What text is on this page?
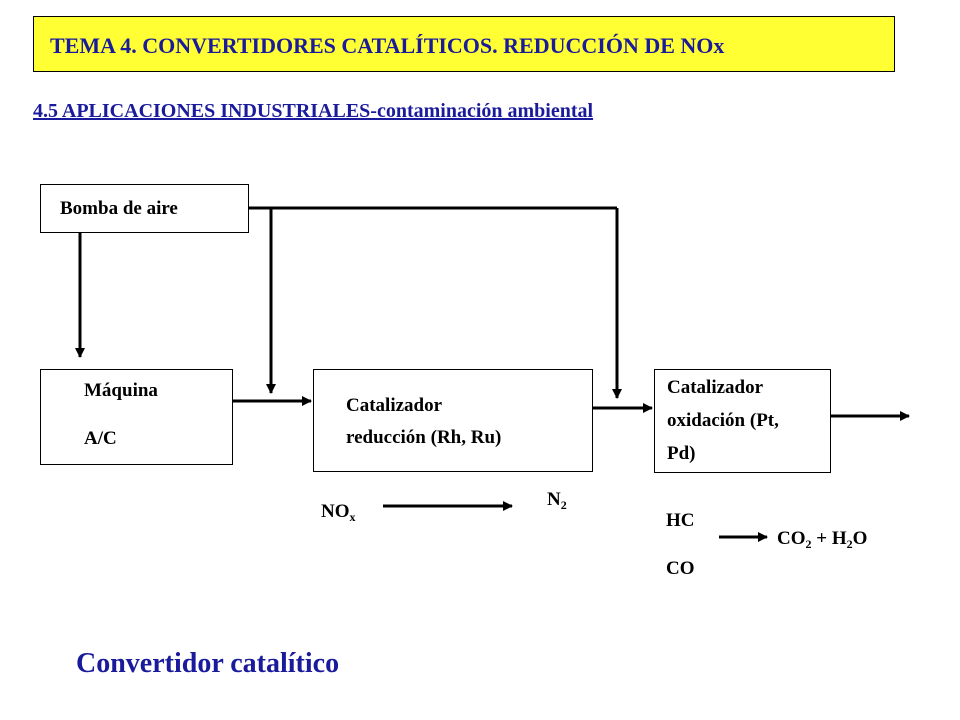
TEMA 4. CONVERTIDORES CATALÍTICOS. REDUCCIÓN DE NOx
4.5 APLICACIONES INDUSTRIALES-contaminación ambiental
Bomba de aire
Máquina
A/C
Catalizador
reducción (Rh, Ru)
Catalizador
oxidación (Pt,
Pd)
$NO_x$
$N_2$
HC
CO
$CO_2 + H_2O$
Convertidor catalítico
